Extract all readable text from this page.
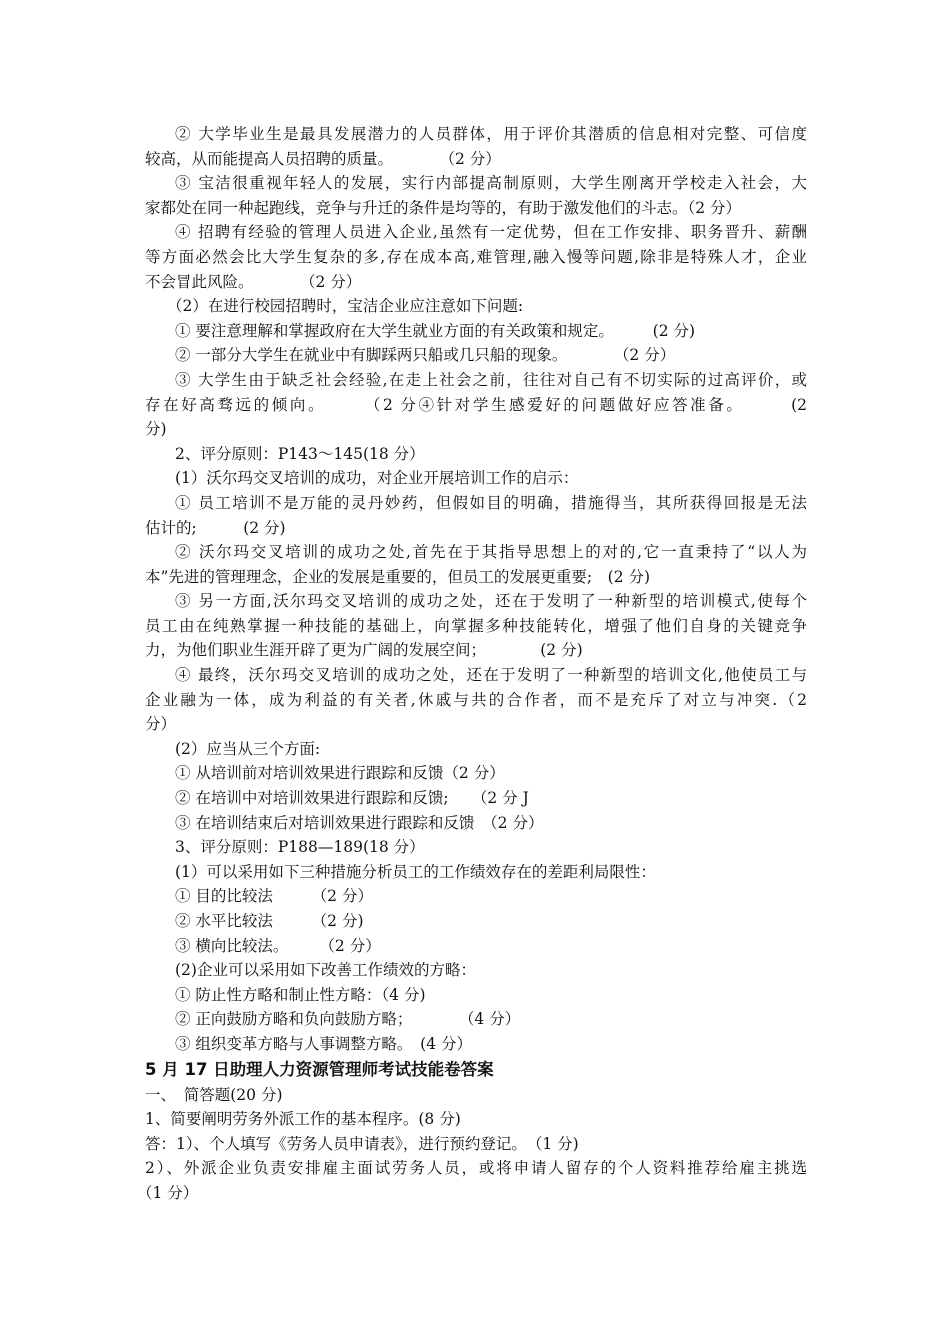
② 大学毕业生是最具发展潜力的人员群体，用于评价其潜质的信息相对完整、可信度
较高，从而能提高人员招聘的质量。　　　　（2 分）
③ 宝洁很重视年轻人的发展，实行内部提高制原则，大学生刚离开学校走入社会，大
家都处在同一种起跑线，竞争与升迁的条件是均等的，有助于激发他们的斗志。（2 分）
④ 招聘有经验的管理人员进入企业,虽然有一定优势，但在工作安排、职务晋升、薪酬
等方面必然会比大学生复杂的多,存在成本高,难管理,融入慢等问题,除非是特殊人才，企业
不会冒此风险。　　　　（2 分）
（2）在进行校园招聘时，宝洁企业应注意如下问题:
① 要注意理解和掌握政府在大学生就业方面的有关政策和规定。　　　(2 分)
② 一部分大学生在就业中有脚踩两只船或几只船的现象。　　　　（2 分）
③ 大学生由于缺乏社会经验,在走上社会之前，往往对自己有不切实际的过高评价，或
存在好高骛远的倾向。　　　（2 分④针对学生感爱好的问题做好应答准备。　　　(2
分)
2、评分原则：P143～145(18 分）
(1）沃尔玛交叉培训的成功，对企业开展培训工作的启示：
① 员工培训不是万能的灵丹妙药，但假如目的明确，措施得当，其所获得回报是无法
估计的;　　　(2 分)
② 沃尔玛交叉培训的成功之处,首先在于其指导思想上的对的,它一直秉持了“以人为
本”先进的管理理念，企业的发展是重要的，但员工的发展更重要;　(2 分)
③ 另一方面,沃尔玛交叉培训的成功之处，还在于发明了一种新型的培训模式,使每个
员工由在纯熟掌握一种技能的基础上，向掌握多种技能转化，增强了他们自身的关键竞争
力，为他们职业生涯开辟了更为广阔的发展空间；　　　　(2 分)
④ 最终，沃尔玛交叉培训的成功之处，还在于发明了一种新型的培训文化,他使员工与
企业融为一体，成为利益的有关者,休戚与共的合作者，而不是充斥了对立与冲突.（2
分）
(2）应当从三个方面:
① 从培训前对培训效果进行跟踪和反馈（2 分）
② 在培训中对培训效果进行跟踪和反馈;　　（2 分 J
③ 在培训结束后对培训效果进行跟踪和反馈　（2 分）
3、评分原则：P188—189(18 分）
(1）可以采用如下三种措施分析员工的工作绩效存在的差距利局限性：
① 目的比较法　　　（2 分）
② 水平比较法　　　（2 分)
③ 横向比较法。　　　（2 分）
(2)企业可以采用如下改善工作绩效的方略：
① 防止性方略和制止性方略：（4 分)
② 正向鼓励方略和负向鼓励方略；　　　　（4 分）
③ 组织变革方略与人事调整方略。　(4 分）
5 月 17 日助理人力资源管理师考试技能卷答案
一、　简答题(20 分)
1、简要阐明劳务外派工作的基本程序。(8 分)
答：1）、个人填写《劳务人员申请表》，进行预约登记。　（1 分)
2）、外派企业负责安排雇主面试劳务人员，或将申请人留存的个人资料推荐给雇主挑选
（1 分）
